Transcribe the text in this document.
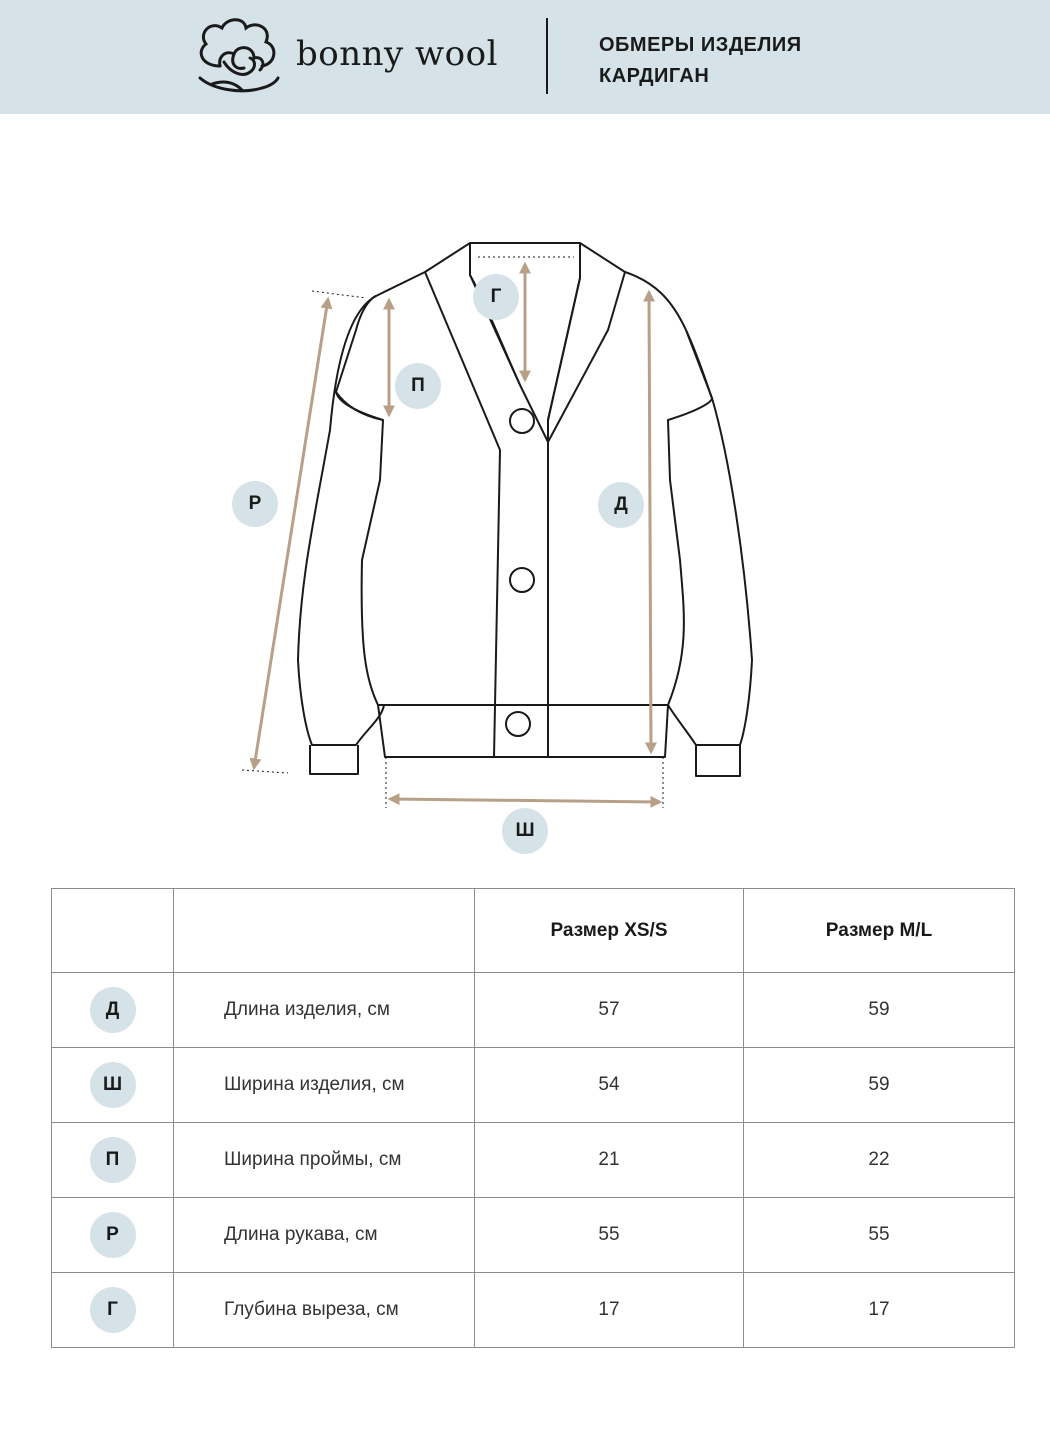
bonny wool	ОБМЕРЫ ИЗДЕЛИЯ
КАРДИГАН
Г
П
Р	Д
Ш
		Размер XS/S	Размер M/L
Д	Длина изделия, см	57	59
Ш	Ширина изделия, см	54	59
П	Ширина проймы, см	21	22
Р	Длина рукава, см	55	55
Г	Глубина выреза, см	17	17
